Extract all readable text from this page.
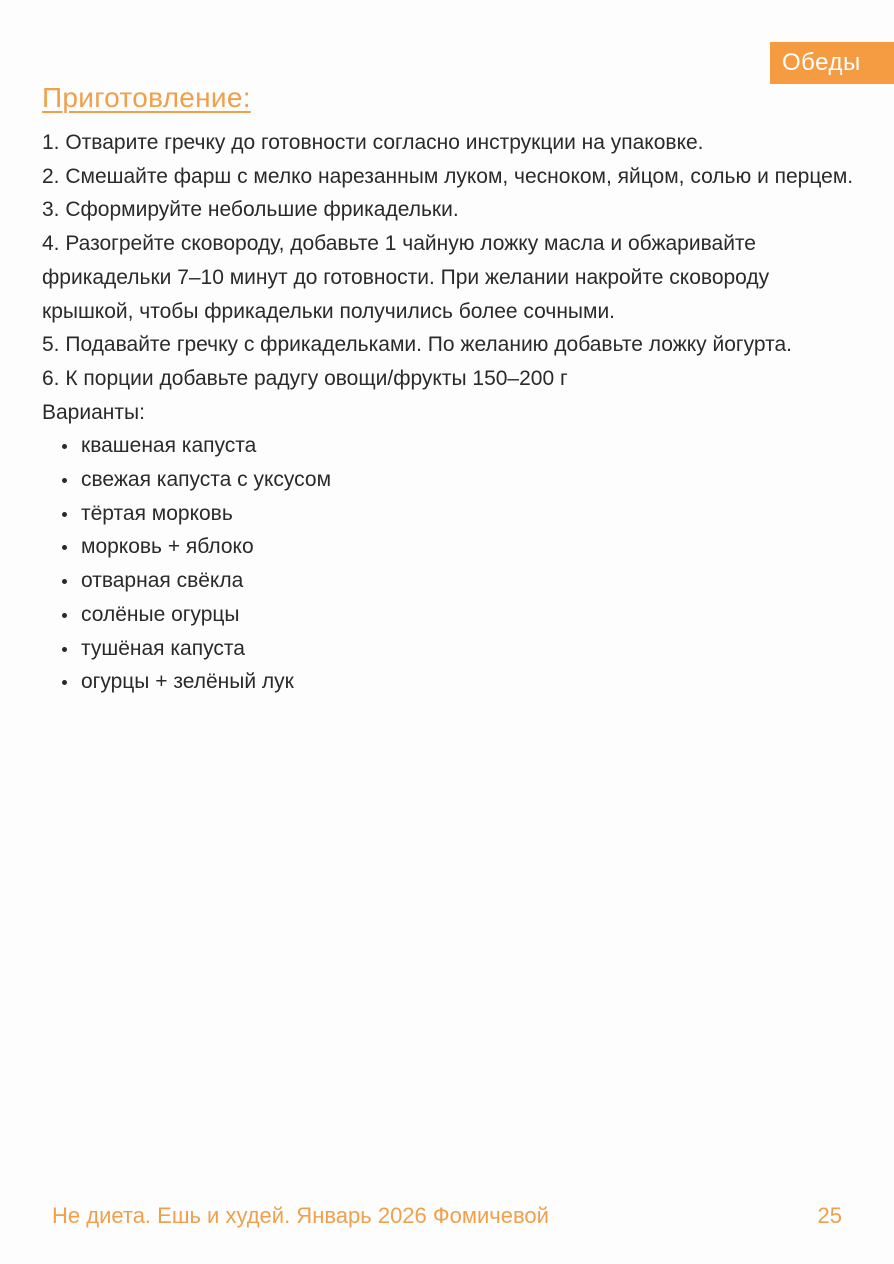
Обеды
Приготовление:

1. Отварите гречку до готовности согласно инструкции на упаковке.

2. Смешайте фарш с мелко нарезанным луком, чесноком, яйцом, солью и перцем.

3. Сформируйте небольшие фрикадельки.

4. Разогрейте сковороду, добавьте 1 чайную ложку масла и обжаривайте фрикадельки 7–10 минут до готовности. При желании накройте сковороду крышкой, чтобы фрикадельки получились более сочными.

5. Подавайте гречку с фрикадельками. По желанию добавьте ложку йогурта.

6. К порции добавьте радугу овощи/фрукты 150–200 г

Варианты:

квашеная капуста
свежая капуста с уксусом
тёртая морковь
морковь + яблоко
отварная свёкла
солёные огурцы
тушёная капуста
огурцы + зелёный лук
Не диета. Ешь и худей. Январь 2026 Фомичевой	25
